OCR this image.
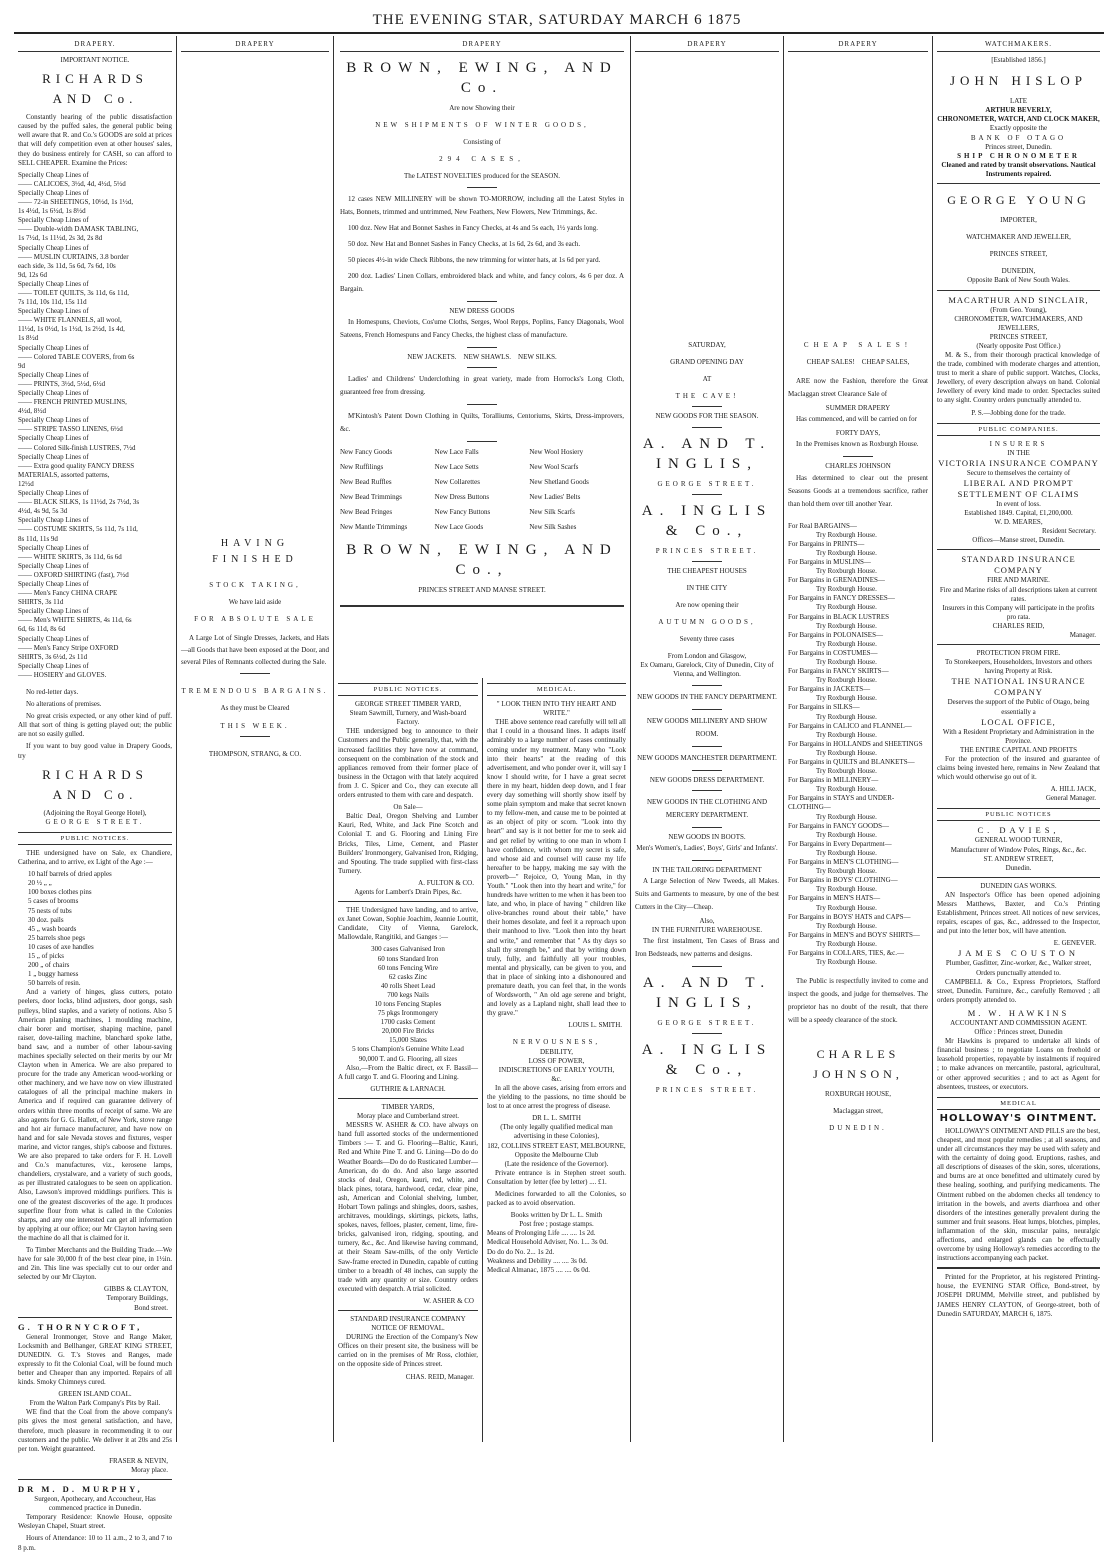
THE EVENING STAR, SATURDAY MARCH 6 1875
DRAPERY.
IMPORTANT NOTICE.
RICHARDS AND Co.
Constantly hearing of the public dissatisfaction caused by the puffed sales, the general public being well aware that R. and Co.'s GOODS are sold at prices that will defy competition even at other houses' sales, they do business entirely for CASH, so can afford to SELL CHEAPER. Examine the Prices:
Specially Cheap Lines of
—— CALICOES, 3½d, 4d, 4½d, 5½d
Specially Cheap Lines of
—— 72-in SHEETINGS, 10½d, 1s 1½d,
1s 4½d, 1s 6½d, 1s 8½d
Specially Cheap Lines of
—— Double-width DAMASK TABLING,
1s 7½d, 1s 11½d, 2s 3d, 2s 8d
Specially Cheap Lines of
—— MUSLIN CURTAINS, 3.8 border
each side, 3s 11d, 5s 6d, 7s 6d, 10s
9d, 12s 6d
Specially Cheap Lines of
—— TOILET QUILTS, 3s 11d, 6s 11d,
7s 11d, 10s 11d, 15s 11d
Specially Cheap Lines of
—— WHITE FLANNELS, all wool,
11½d, 1s 0½d, 1s 1½d, 1s 2½d, 1s 4d,
1s 8½d
Specially Cheap Lines of
—— Colored TABLE COVERS, from 6s
9d
Specially Cheap Lines of
—— PRINTS, 3½d, 5½d, 6½d
Specially Cheap Lines of
—— FRENCH PRINTED MUSLINS,
4½d, 8½d
Specially Cheap Lines of
—— STRIPE TASSO LINENS, 6½d
Specially Cheap Lines of
—— Colored Silk-finish LUSTRES, 7½d
Specially Cheap Lines of
—— Extra good quality FANCY DRESS
MATERIALS, assorted patterns,
12½d
Specially Cheap Lines of
—— BLACK SILKS, 1s 11½d, 2s 7½d, 3s
4½d, 4s 9d, 5s 3d
Specially Cheap Lines of
—— COSTUME SKIRTS, 5s 11d, 7s 11d,
8s 11d, 11s 9d
Specially Cheap Lines of
—— WHITE SKIRTS, 3s 11d, 6s 6d
Specially Cheap Lines of
—— OXFORD SHIRTING (fast), 7½d
Specially Cheap Lines of
—— Men's Fancy CHINA CRAPE
SHIRTS, 3s 11d
Specially Cheap Lines of
—— Men's WHITE SHIRTS, 4s 11d, 6s
6d, 6s 11d, 8s 6d
Specially Cheap Lines of
—— Men's Fancy Stripe OXFORD
SHIRTS, 3s 6½d, 2s 11d
Specially Cheap Lines of
—— HOSIERY and GLOVES.
No red-letter days.
No alterations of premises.
No great crisis expected, or any other kind of puff. All that sort of thing is getting played out; the public are not so easily gulled.
If you want to buy good value in Drapery Goods, try
RICHARDS AND Co.
(Adjoining the Royal George Hotel),
GEORGE STREET.
PUBLIC NOTICES.
THE undersigned have on Sale, ex Chandiere, Catherina, and to arrive, ex Light of the Age :—
10 half barrels of dried apples
20 ½ „ „
100 boxes clothes pins
5 cases of brooms
75 nests of tubs
30 doz. pails
45 „ wash boards
25 barrels shoe pegs
10 cases of axe handles
15 „ of picks
200 „ of chairs
1 „ buggy harness
50 barrels of resin.
And a variety of hinges, glass cutters, potato peelers, door locks, blind adjusters, door gongs, sash pulleys, blind staples, and a variety of notions. Also 5 American planing machines, 1 moulding machine, chair borer and mortiser, shaping machine, panel raiser, dove-tailing machine, blanchard spoke lathe, band saw, and a number of other labour-saving machines specially selected on their merits by our Mr Clayton when in America. We are also prepared to procure for the trade any American wood-working or other machinery, and we have now on view illustrated catalogues of all the principal machine makers in America and if required can guarantee delivery of orders within three months of receipt of same. We are also agents for G. G. Hallett, of New York, stove range and hot air furnace manufacturer, and have now on hand and for sale Nevada stoves and fixtures, vesper marine, and victor ranges, ship's caboose and fixtures. We are also prepared to take orders for F. H. Lovell and Co.'s manufactures, viz., kerosene lamps, chandeliers, crystalware, and a variety of such goods, as per illustrated catalogues to be seen on application. Also, Lawson's improved middlings purifiers. This is one of the greatest discoveries of the age. It produces superfine flour from what is called in the Colonies sharps, and any one interested can get all information by applying at our office; our Mr Clayton having seen the machine do all that is claimed for it.
To Timber Merchants and the Building Trade.—We have for sale 30,000 ft of the best clear pine, in 1½in. and 2in. This line was specially cut to our order and selected by our Mr Clayton.
GIBBS & CLAYTON,
Temporary Buildings,
Bond street.
G. THORNYCROFT,
General Ironmonger, Stove and Range Maker, Locksmith and Bellhanger, GREAT KING STREET, DUNEDIN. G. T.'s Stoves and Ranges, made expressly to fit the Colonial Coal, will be found much better and Cheaper than any imported. Repairs of all kinds. Smoky Chimneys cured.
GREEN ISLAND COAL.
From the Walton Park Company's Pits by Rail.
WE find that the Coal from the above company's pits gives the most general satisfaction, and have, therefore, much pleasure in recommending it to our customers and the public. We deliver it at 20s and 25s per ton. Weight guaranteed.
FRASER & NEVIN,
Moray place.
DR M. D. MURPHY,
Surgeon, Apothecary, and Accoucheur, Has commenced practice in Dunedin.
Temporary Residence: Knowle House, opposite Wesleyan Chapel, Stuart street.
Hours of Attendance: 10 to 11 a.m., 2 to 3, and 7 to 8 p.m.
DRAPERY
HAVING FINISHED
STOCK TAKING,
We have laid aside
FOR ABSOLUTE SALE
A Large Lot of Single Dresses, Jackets, and Hats—all Goods that have been exposed at the Door, and several Piles of Remnants collected during the Sale.
TREMENDOUS BARGAINS.
As they must be Cleared
THIS WEEK.
THOMPSON, STRANG, & CO.
DRAPERY
BROWN, EWING, AND Co.
Are now Showing their
NEW SHIPMENTS OF WINTER GOODS,
Consisting of
294 CASES,
The LATEST NOVELTIES produced for the SEASON.
12 cases NEW MILLINERY will be shown TO-MORROW, including all the Latest Styles in Hats, Bonnets, trimmed and untrimmed, New Feathers, New Flowers, New Trimmings, &c.
100 doz. New Hat and Bonnet Sashes in Fancy Checks, at 4s and 5s each, 1½ yards long.
50 doz. New Hat and Bonnet Sashes in Fancy Checks, at 1s 6d, 2s 6d, and 3s each.
50 pieces 4½-in wide Check Ribbons, the new trimming for winter hats, at 1s 6d per yard.
200 doz. Ladies' Linen Collars, embroidered black and white, and fancy colors, 4s 6 per doz. A Bargain.
NEW DRESS GOODS
In Homespuns, Cheviots, Cos'ume Cloths, Serges, Wool Repps, Poplins, Fancy Diagonals, Wool Sateens, French Homespuns and Fancy Checks, the highest class of manufacture.
NEW JACKETS.    NEW SHAWLS.    NEW SILKS.
Ladies' and Childrens' Underclothing in great variety, made from Horrocks's Long Cloth, guaranteed free from dressing.
M'Kintosh's Patent Down Clothing in Quilts, Toralliums, Centoriums, Skirts, Dress-improvers, &c.
New Fancy Goods	New Lace Falls	New Wool Hosiery
New Ruffilings	New Lace Setts	New Wool Scarfs
New Bead Ruffles	New Collarettes	New Shetland Goods
New Bead Trimmings	New Dress Buttons	New Ladies' Belts
New Bead Fringes	New Fancy Buttons	New Silk Scarfs
New Mantle Trimmings	New Lace Goods	New Silk Sashes
BROWN, EWING, AND Co.,
PRINCES STREET AND MANSE STREET.
PUBLIC NOTICES.
GEORGE STREET TIMBER YARD,
Steam Sawmill, Turnery, and Wash-board Factory.
THE undersigned beg to announce to their Customers and the Public generally, that, with the increased facilities they have now at command, consequent on the combination of the stock and appliances removed from their former place of business in the Octagon with that lately acquired from J. C. Spicer and Co., they can execute all orders entrusted to them with care and despatch.
On Sale—
Baltic Deal, Oregon Shelving and Lumber Kauri, Red, White, and Jack Pine Scotch and Colonial T. and G. Flooring and Lining Fire Bricks, Tiles, Lime, Cement, and Plaster Builders' Ironmongery, Galvanised Iron, Ridging, and Spouting. The trade supplied with first-class Turnery.
A. FULTON & CO.
Agents for Lambert's Drain Pipes, &c.
THE Undersigned have landing, and to arrive, ex Janet Cowan, Sophie Joachim, Jeannie Louttit, Candidate, City of Vienna, Garelock, Mallowdale, Rangitiki, and Ganges :—
300 cases Galvanised Iron
60 tons Standard Iron
60 tons Fencing Wire
62 casks Zinc
40 rolls Sheet Lead
700 kegs Nails
10 tons Fencing Staples
75 pkgs Ironmongery
1700 casks Cement
20,000 Fire Bricks
15,000 Slates
5 tons Champion's Genuine White Lead
90,000 T. and G. Flooring, all sizes
Also,—From the Baltic direct, ex F. Bassil— A full cargo T. and G. Flooring and Lining.
GUTHRIE & LARNACH.
TIMBER YARDS,
Moray place and Cumberland street.
MESSRS W. ASHER & CO. have always on hand full assorted stocks of the undermentioned Timbers :— T. and G. Flooring—Baltic, Kauri, Red and White Pine T. and G. Lining—Do do do Weather Boards—Do do do Rusticated Lumber—American, do do do. And also large assorted stocks of deal, Oregon, kauri, red, white, and black pines, totara, hardwood, cedar, clear pine, ash, American and Colonial shelving, lumber, Hobart Town palings and shingles, doors, sashes, architraves, mouldings, skirtings, pickets, laths, spokes, naves, felloes, plaster, cement, lime, fire-bricks, galvanised iron, ridging, spouting, and turnery, &c., &c. And likewise having command, at their Steam Saw-mills, of the only Verticle Saw-frame erected in Dunedin, capable of cutting timber to a breadth of 48 inches, can supply the trade with any quantity or size. Country orders executed with despatch. A trial solicited.
W. ASHER & CO
STANDARD INSURANCE COMPANY
NOTICE OF REMOVAL.
DURING the Erection of the Company's New Offices on their present site, the business will be carried on in the premises of Mr Ross, clothier, on the opposite side of Princes street.
CHAS. REID, Manager.
MEDICAL.
" LOOK THEN INTO THY HEART AND WRITE."
THE above sentence read carefully will tell all that I could in a thousand lines. It adapts itself admirably to a large number of cases continually coming under my treatment. Many who "Look into their hearts" at the reading of this advertisement, and who ponder over it, will say I know I should write, for I have a great secret there in my heart, hidden deep down, and I fear every day something will shortly show itself by some plain symptom and make that secret known to my fellow-men, and cause me to be pointed at as an object of pity or scorn. "Look into thy heart" and say is it not better for me to seek aid and get relief by writing to one man in whom I have confidence, with whom my secret is safe, and whose aid and counsel will cause my life hereafter to be happy, making me say with the proverb—" Rejoice, O, Young Man, in thy Youth." "Look then into thy heart and write," for hundreds have written to me when it has been too late, and who, in place of having " children like olive-branches round about their table," have their homes desolate, and feel it a reproach upon their manhood to live. "Look then into thy heart and write," and remember that " As thy days so shall thy strength be," and that by writing down truly, fully, and faithfully all your troubles, mental and physically, can be given to you, and that in place of sinking into a dishonoured and premature death, you can feel that, in the words of Wordsworth, " An old age serene and bright, and lovely as a Lapland night, shall lead thee to thy grave."
LOUIS L. SMITH.
NERVOUSNESS,
DEBILITY,
LOSS OF POWER,
INDISCRETIONS OF EARLY YOUTH,
&c.
In all the above cases, arising from errors and the yielding to the passions, no time should be lost to at once arrest the progress of disease.
DR L. L. SMITH
(The only legally qualified medical man advertising in these Colonies),
182, COLLINS STREET EAST, MELBOURNE,
Opposite the Melbourne Club
(Late the residence of the Governor).
Private entrance is in Stephen street south. Consultation by letter (fee by letter) .... £1.
Medicines forwarded to all the Colonies, so packed as to avoid observation.
Books written by Dr L. L. Smith
Post free ; postage stamps.
Means of Prolonging Life .... .... 1s 2d.
Medical Household Adviser, No. 1... 3s 0d.
Do do do No. 2... 1s 2d.
Weakness and Debility .... .... 3s 0d.
Medical Almanac, 1875 .... .... 0s 0d.
DRAPERY
SATURDAY,
GRAND OPENING DAY
AT
THE CAVE!
NEW GOODS FOR THE SEASON.
A. AND T. INGLIS,
GEORGE STREET.
A. INGLIS & Co.,
PRINCES STREET.
THE CHEAPEST HOUSES
IN THE CITY
Are now opening their
AUTUMN GOODS,
Seventy three cases
From London and Glasgow,
Ex Oamaru, Garelock, City of Dunedin, City of Vienna, and Wellington.
NEW GOODS IN THE FANCY DEPARTMENT.
NEW GOODS MILLINERY AND SHOW ROOM.
NEW GOODS MANCHESTER DEPARTMENT.
NEW GOODS DRESS DEPARTMENT.
NEW GOODS IN THE CLOTHING AND MERCERY DEPARTMENT.
NEW GOODS IN BOOTS.
Men's Women's, Ladies', Boys', Girls' and Infants'.
IN THE TAILORING DEPARTMENT
A Large Selection of New Tweeds, all Makes. Suits and Garments to measure, by one of the best Cutters in the City—Cheap.
Also,
IN THE FURNITURE WAREHOUSE.
The first instalment, Ten Cases of Brass and Iron Bedsteads, new patterns and designs.
A. AND T. INGLIS,
GEORGE STREET.
A. INGLIS & Co.,
PRINCES STREET.
DRAPERY
CHEAP SALES!
CHEAP SALES!    CHEAP SALES,
ARE now the Fashion, therefore the Great Maclaggan street Clearance Sale of
SUMMER DRAPERY
Has commenced, and will be carried on for
FORTY DAYS,
In the Premises known as Roxburgh House.
CHARLES JOHNSON
Has determined to clear out the present Seasons Goods at a tremendous sacrifice, rather than hold them over till another Year.
For Real BARGAINS—
Try Roxburgh House.
For Bargains in PRINTS—
Try Roxburgh House.
For Bargains in MUSLINS—
Try Roxburgh House.
For Bargains in GRENADINES—
Try Roxburgh House.
For Bargains in FANCY DRESSES—
Try Roxburgh House.
For Bargains in BLACK LUSTRES
Try Roxburgh House.
For Bargains in POLONAISES—
Try Roxburgh House.
For Bargains in COSTUMES—
Try Roxburgh House.
For Bargains in FANCY SKIRTS—
Try Roxburgh House.
For Bargains in JACKETS—
Try Roxburgh House.
For Bargains in SILKS—
Try Roxburgh House.
For Bargains in CALICO and FLANNEL—
Try Roxburgh House.
For Bargains in HOLLANDS and SHEETINGS
Try Roxburgh House.
For Bargains in QUILTS and BLANKETS—
Try Roxburgh House.
For Bargains in MILLINERY—
Try Roxburgh House.
For Bargains in STAYS and UNDER-CLOTHING—
Try Roxburgh House.
For Bargains in FANCY GOODS—
Try Roxburgh House.
For Bargains in Every Department—
Try Roxburgh House.
For Bargains in MEN'S CLOTHING—
Try Roxburgh House.
For Bargains in BOYS' CLOTHING—
Try Roxburgh House.
For Bargains in MEN'S HATS—
Try Roxburgh House.
For Bargains in BOYS' HATS and CAPS—
Try Roxburgh House.
For Bargains in MEN'S and BOYS' SHIRTS—
Try Roxburgh House.
For Bargains in COLLARS, TIES, &c.—
Try Roxburgh House.
The Public is respectfully invited to come and inspect the goods, and judge for themselves. The proprietor has no doubt of the result, that there will be a speedy clearance of the stock.
CHARLES JOHNSON,
ROXBURGH HOUSE,
Maclaggan street,
DUNEDIN.
WATCHMAKERS.
[Established 1856.]
JOHN HISLOP
LATE
ARTHUR BEVERLY,
CHRONOMETER, WATCH, AND CLOCK MAKER,
Exactly opposite the
BANK OF OTAGO
Princes street, Dunedin.
SHIP CHRONOMETER
Cleaned and rated by transit observations. Nautical Instruments repaired.
GEORGE YOUNG
IMPORTER,
WATCHMAKER AND JEWELLER,
PRINCES STREET,
DUNEDIN,
Opposite Bank of New South Wales.
MACARTHUR AND SINCLAIR,
(From Geo. Young),
CHRONOMETER, WATCHMAKERS, AND JEWELLERS,
PRINCES STREET,
(Nearly opposite Post Office.)
M. & S., from their thorough practical knowledge of the trade, combined with moderate charges and attention, trust to merit a share of public support. Watches, Clocks, Jewellery, of every description always on hand. Colonial Jewellery of every kind made to order. Spectacles suited to any sight. Country orders punctually attended to.
P. S.—Jobbing done for the trade.
PUBLIC COMPANIES.
INSURERS
IN THE
VICTORIA INSURANCE COMPANY
Secure to themselves the certainty of
LIBERAL AND PROMPT
SETTLEMENT OF CLAIMS
In event of loss.
Established 1849. Capital, £1,200,000.
W. D. MEARES,
Resident Secretary.
Offices—Manse street, Dunedin.
STANDARD INSURANCE COMPANY
FIRE AND MARINE.
Fire and Marine risks of all descriptions taken at current rates.
Insurers in this Company will participate in the profits pro rata.
CHARLES REID,
Manager.
PROTECTION FROM FIRE.
To Storekeepers, Householders, Investors and others having Property at Risk.
THE NATIONAL INSURANCE COMPANY
Deserves the support of the Public of Otago, being essentially a
LOCAL OFFICE,
With a Resident Proprietary and Administration in the Province.
THE ENTIRE CAPITAL AND PROFITS
For the protection of the insured and guarantee of claims being invested here, remains in New Zealand that which would otherwise go out of it.
A. HILL JACK,
General Manager.
PUBLIC NOTICES
C. DAVIES,
GENERAL WOOD TURNER,
Manufacturer of Window Poles, Rings, &c., &c.
ST. ANDREW STREET,
Dunedin.
DUNEDIN GAS WORKS.
AN Inspector's Office has been opened adjoining Messrs Matthews, Baxter, and Co.'s Printing Establishment, Princes street. All notices of new services, repairs, escapes of gas, &c., addressed to the Inspector, and put into the letter box, will have attention.
E. GENEVER.
JAMES COUSTON
Plumber, Gasfitter, Zinc-worker, &c., Walker street,
Orders punctually attended to.
CAMPBELL & Co., Express Proprietors, Stafford street, Dunedin. Furniture, &c., carefully Removed ; all orders promptly attended to.
M. W. HAWKINS
ACCOUNTANT AND COMMISSION AGENT.
Office : Princes street, Dunedin
Mr Hawkins is prepared to undertake all kinds of financial business ; to negotiate Loans on freehold or leasehold properties, repayable by instalments if required ; to make advances on mercantile, pastoral, agricultural, or other approved securities ; and to act as Agent for absentees, trustees, or executors.
MEDICAL
HOLLOWAY'S OINTMENT.
HOLLOWAY'S OINTMENT AND PILLS are the best, cheapest, and most popular remedies ; at all seasons, and under all circumstances they may be used with safety and with the certainty of doing good. Eruptions, rashes, and all descriptions of diseases of the skin, sores, ulcerations, and burns are at once benefitted and ultimately cured by these healing, soothing, and purifying medicaments. The Ointment rubbed on the abdomen checks all tendency to irritation in the bowels, and averts diarrhoea and other disorders of the intestines generally prevalent during the summer and fruit seasons. Heat lumps, blotches, pimples, inflammation of the skin, muscular pains, neuralgic affections, and enlarged glands can be effectually overcome by using Holloway's remedies according to the instructions accompanying each packet.
Printed for the Proprietor, at his registered Printing-house, the EVENING STAR Office, Bond-street, by JOSEPH DRUMM, Melville street, and published by JAMES HENRY CLAYTON, of George-street, both of Dunedin SATURDAY, MARCH 6, 1875.
